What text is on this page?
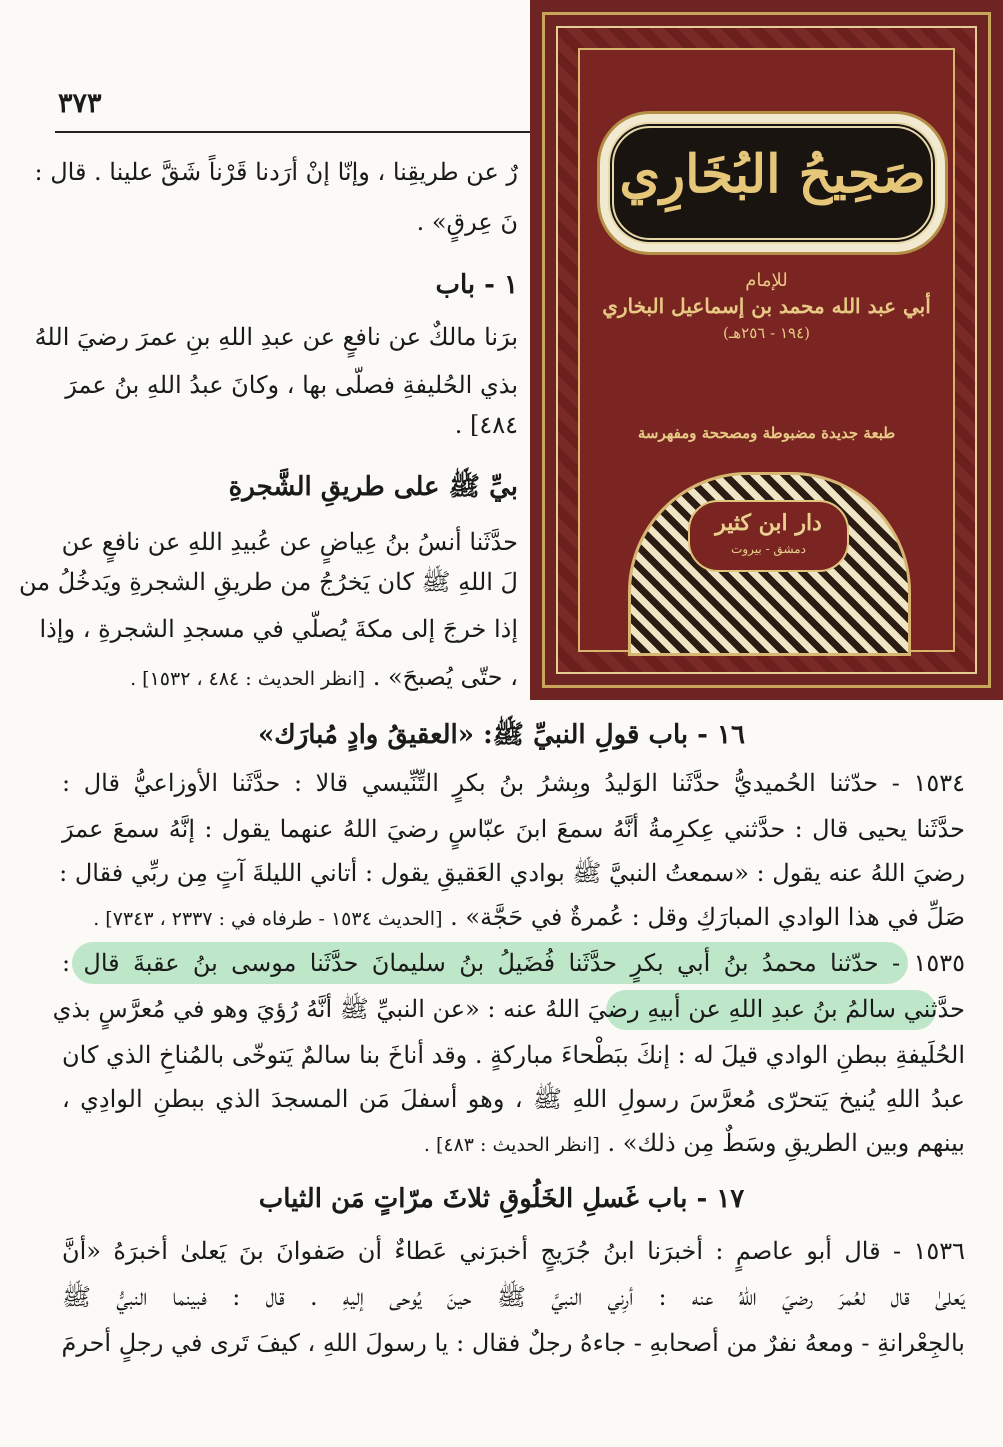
٣٧٣
رٌ عن طريقِنا ، وإنّا إنْ أرَدنا قَرْناً شَقَّ علينا . قال :
نَ عِرقٍ» .
١ - باب
برَنا مالكٌ عن نافعٍ عن عبدِ اللهِ بنِ عمرَ رضيَ اللهُ
بذي الحُليفةِ فصلّى بها ، وكانَ عبدُ اللهِ بنُ عمرَ
٤٨٤] .
بيِّ ﷺ على طريقِ الشَّجرةِ
حدَّثَنا أنسُ بنُ عِياضٍ عن عُبيدِ اللهِ عن نافعٍ عن
لَ اللهِ ﷺ كان يَخرُجُ من طريقِ الشجرةِ ويَدخُلُ من
إذا خرجَ إلى مكةَ يُصلّي في مسجدِ الشجرةِ ، وإذا
، حتّى يُصبحَ» . [انظر الحديث : ٤٨٤ ، ١٥٣٢] .
١٦ - باب قولِ النبيِّ ﷺ: «العقيقُ وادٍ مُبارَك»
١٥٣٤ - حدّثنا الحُميديُّ حدَّثَنا الوَليدُ وبِشرُ بنُ بكرٍ التِّنِّيسي قالا : حدَّثَنا الأوزاعيُّ قال :
حدَّثَنا يحيى قال : حدَّثني عِكرِمةُ أنَّهُ سمعَ ابنَ عبّاسٍ رضيَ اللهُ عنهما يقول : إنَّهُ سمعَ عمرَ
رضيَ اللهُ عنه يقول : «سمعتُ النبيَّ ﷺ بوادي العَقيقِ يقول : أتاني الليلةَ آتٍ مِن ربِّي فقال :
صَلِّ في هذا الوادي المبارَكِ وقل : عُمرةٌ في حَجَّة» . [الحديث ١٥٣٤ - طرفاه في : ٢٣٣٧ ، ٧٣٤٣] .
١٥٣٥ - حدّثنا محمدُ بنُ أبي بكرٍ حدَّثَنا فُضَيلُ بنُ سليمانَ حدَّثَنا موسى بنُ عقبةَ قال :
حدَّثني سالمُ بنُ عبدِ اللهِ عن أبيهِ رضيَ اللهُ عنه : «عن النبيِّ ﷺ أنَّهُ رُؤيَ وهو في مُعرَّسٍ بذي
الحُلَيفةِ ببطنِ الوادي قيلَ له : إنكَ ببَطْحاءَ مباركةٍ . وقد أناخَ بنا سالمٌ يَتوخّى بالمُناخِ الذي كان
عبدُ اللهِ يُنيخ يَتحرّى مُعرَّسَ رسولِ اللهِ ﷺ ، وهو أسفلَ مَن المسجدَ الذي ببطنِ الوادِي ،
بينهم وبين الطريقِ وسَطٌ مِن ذلك» . [انظر الحديث : ٤٨٣] .
١٧ - باب غَسلِ الخَلُوقِ ثلاثَ مرّاتٍ مَن الثياب
١٥٣٦ - قال أبو عاصمٍ : أخبرَنا ابنُ جُرَيجٍ أخبرَني عَطاءٌ أن صَفوانَ بنَ يَعلىٰ أخبرَهُ «أنَّ
يَعلىٰ قال لعُمرَ رضيَ اللهُ عنه : أرِني النبيَّ ﷺ حينَ يُوحى إليهِ . قال : فبينما النبيُّ ﷺ
بالجِعْرانةِ - ومعهُ نفرٌ من أصحابهِ - جاءهُ رجلٌ فقال : يا رسولَ اللهِ ، كيفَ تَرى في رجلٍ أحرمَ
صَحِيحُ البُخَارِي
للإمام
أبي عبد الله محمد بن إسماعيل البخاري
(١٩٤ - ٢٥٦هـ)
طبعة جديدة مضبوطة ومصححة ومفهرسة
دار ابن كثير
دمشق - بيروت
